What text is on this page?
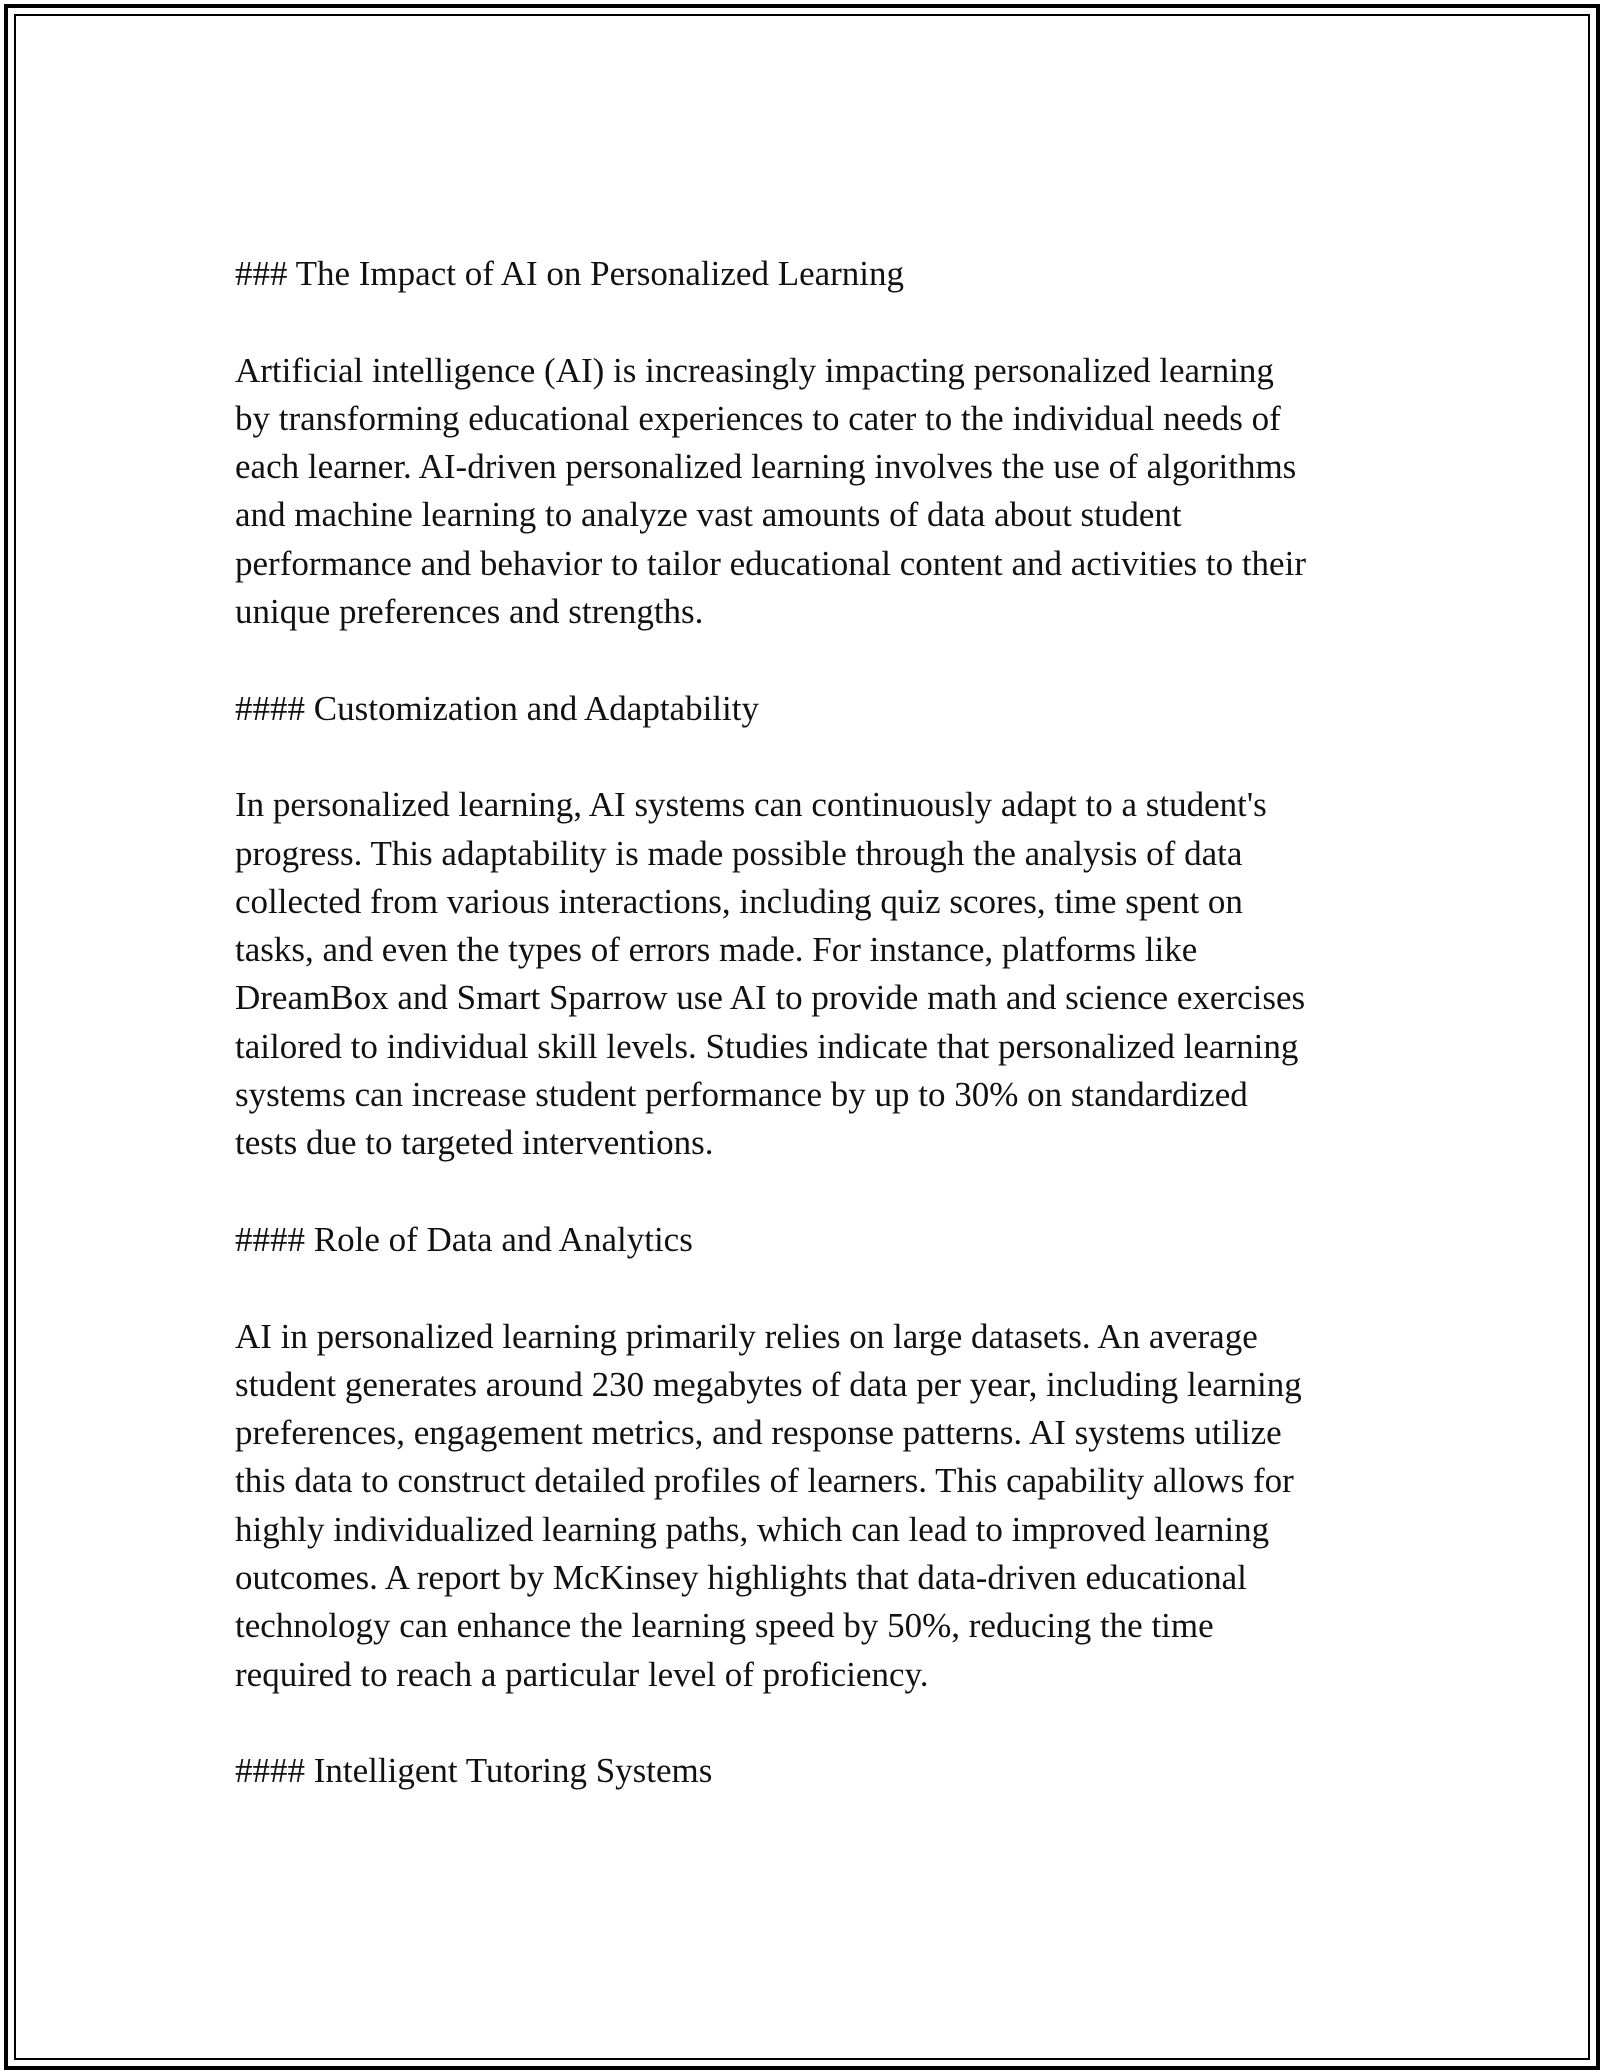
### The Impact of AI on Personalized Learning

Artificial intelligence (AI) is increasingly impacting personalized learning
by transforming educational experiences to cater to the individual needs of
each learner. AI-driven personalized learning involves the use of algorithms
and machine learning to analyze vast amounts of data about student
performance and behavior to tailor educational content and activities to their
unique preferences and strengths.

#### Customization and Adaptability

In personalized learning, AI systems can continuously adapt to a student's
progress. This adaptability is made possible through the analysis of data
collected from various interactions, including quiz scores, time spent on
tasks, and even the types of errors made. For instance, platforms like
DreamBox and Smart Sparrow use AI to provide math and science exercises
tailored to individual skill levels. Studies indicate that personalized learning
systems can increase student performance by up to 30% on standardized
tests due to targeted interventions.

#### Role of Data and Analytics

AI in personalized learning primarily relies on large datasets. An average
student generates around 230 megabytes of data per year, including learning
preferences, engagement metrics, and response patterns. AI systems utilize
this data to construct detailed profiles of learners. This capability allows for
highly individualized learning paths, which can lead to improved learning
outcomes. A report by McKinsey highlights that data-driven educational
technology can enhance the learning speed by 50%, reducing the time
required to reach a particular level of proficiency.

#### Intelligent Tutoring Systems
